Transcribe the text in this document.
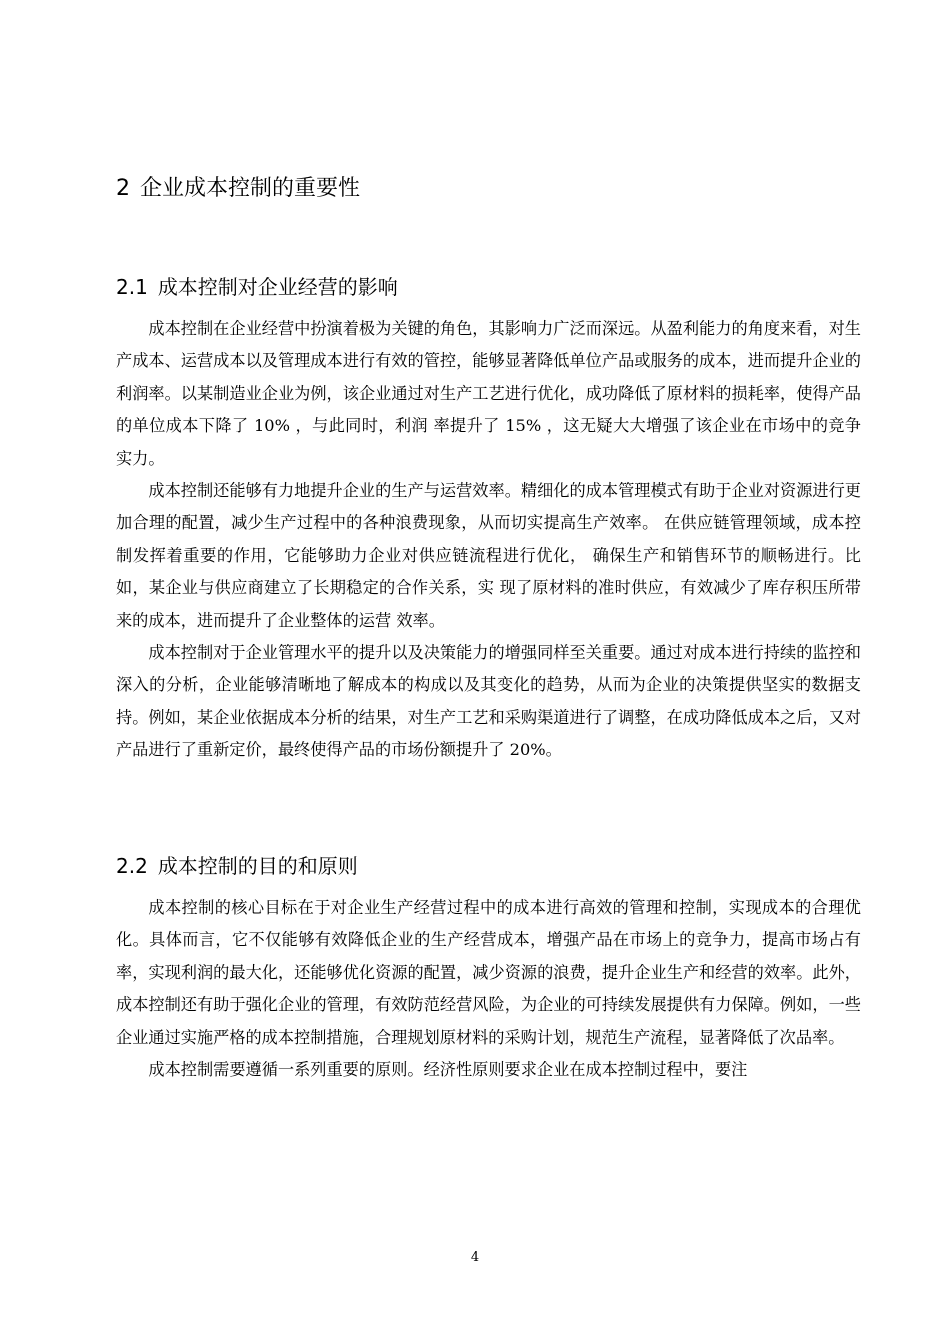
2 企业成本控制的重要性
2.1 成本控制对企业经营的影响

成本控制在企业经营中扮演着极为关键的角色，其影响力广泛而深远。从盈利能力的角度来看，对生产成本、运营成本以及管理成本进行有效的管控，能够显著降低单位产品或服务的成本，进而提升企业的利润率。以某制造业企业为例，该企业通过对生产工艺进行优化，成功降低了原材料的损耗率，使得产品的单位成本下降了 10% ，与此同时，利润 率提升了 15% ，这无疑大大增强了该企业在市场中的竞争实力。

成本控制还能够有力地提升企业的生产与运营效率。精细化的成本管理模式有助于企业对资源进行更加合理的配置，减少生产过程中的各种浪费现象，从而切实提高生产效率。 在供应链管理领域，成本控制发挥着重要的作用，它能够助力企业对供应链流程进行优化， 确保生产和销售环节的顺畅进行。比如，某企业与供应商建立了长期稳定的合作关系，实 现了原材料的准时供应，有效减少了库存积压所带来的成本，进而提升了企业整体的运营 效率。

成本控制对于企业管理水平的提升以及决策能力的增强同样至关重要。通过对成本进行持续的监控和深入的分析，企业能够清晰地了解成本的构成以及其变化的趋势，从而为企业的决策提供坚实的数据支持。例如，某企业依据成本分析的结果，对生产工艺和采购渠道进行了调整，在成功降低成本之后，又对产品进行了重新定价，最终使得产品的市场份额提升了 20%。

2.2 成本控制的目的和原则

成本控制的核心目标在于对企业生产经营过程中的成本进行高效的管理和控制，实现成本的合理优化。具体而言，它不仅能够有效降低企业的生产经营成本，增强产品在市场上的竞争力，提高市场占有率，实现利润的最大化，还能够优化资源的配置，减少资源的浪费，提升企业生产和经营的效率。此外，成本控制还有助于强化企业的管理，有效防范经营风险，为企业的可持续发展提供有力保障。例如，一些企业通过实施严格的成本控制措施，合理规划原材料的采购计划，规范生产流程，显著降低了次品率。

成本控制需要遵循一系列重要的原则。经济性原则要求企业在成本控制过程中，要注

4
